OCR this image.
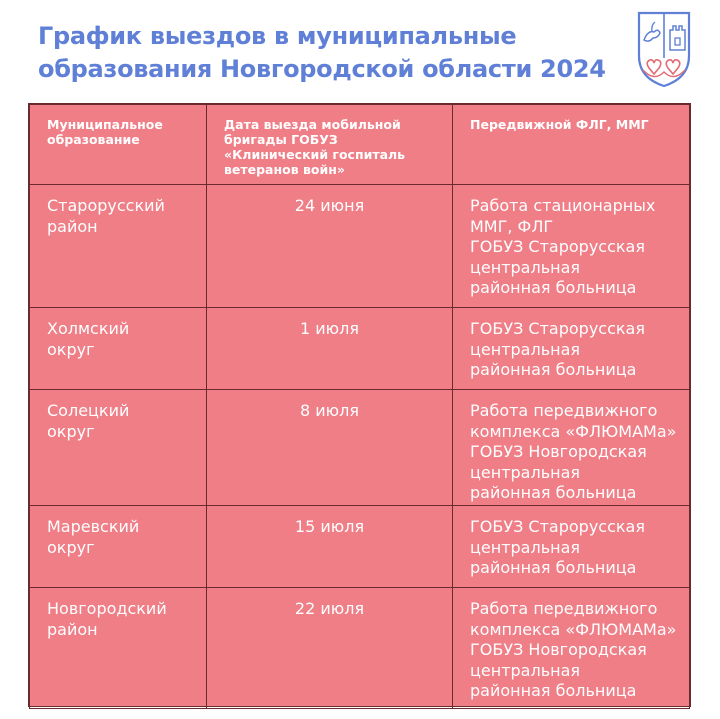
График выездов в муниципальные
образования Новгородской области 2024
Муниципальное образование	Дата выезда мобильной бригады ГОБУЗ «Клинический госпиталь ветеранов войн»	Передвижной ФЛГ, ММГ

Старорусский
район	24 июня	Работа стационарных
ММГ, ФЛГ
ГОБУЗ Старорусская
центральная
районная больница

Холмский
округ	1 июля	ГОБУЗ Старорусская
центральная
районная больница

Солецкий
округ	8 июля	Работа передвижного
комплекса «ФЛЮМАМа»
ГОБУЗ Новгородская
центральная
районная больница

Маревский
округ	15 июля	ГОБУЗ Старорусская
центральная
районная больница

Новгородский
район	22 июля	Работа передвижного
комплекса «ФЛЮМАМа»
ГОБУЗ Новгородская
центральная
районная больница
